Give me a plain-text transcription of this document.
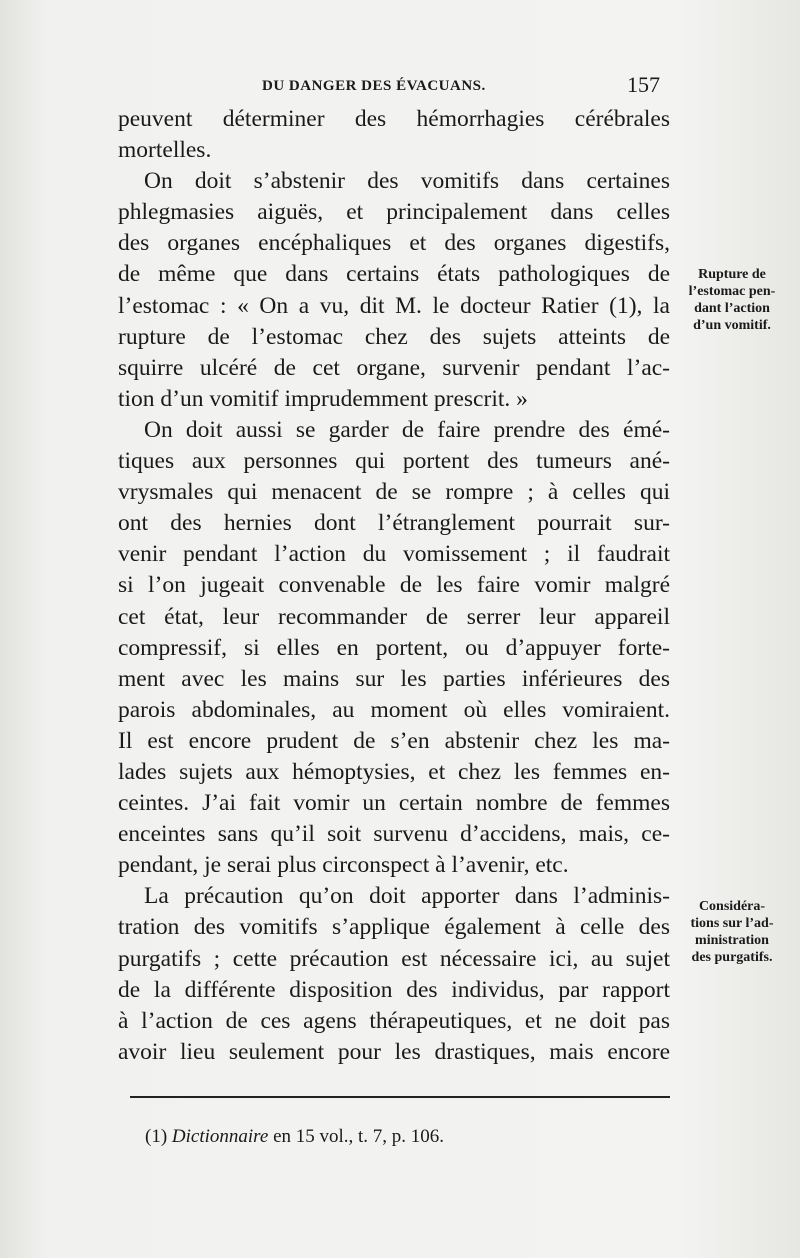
DU DANGER DES ÉVACUANS.	157
peuvent déterminer des hémorrhagies cérébrales
mortelles.
On doit s’abstenir des vomitifs dans certaines
phlegmasies aiguës, et principalement dans celles
des organes encéphaliques et des organes digestifs,
de même que dans certains états pathologiques de
l’estomac : « On a vu, dit M. le docteur Ratier (1), la
rupture de l’estomac chez des sujets atteints de
squirre ulcéré de cet organe, survenir pendant l’ac-
tion d’un vomitif imprudemment prescrit. »
On doit aussi se garder de faire prendre des émé-
tiques aux personnes qui portent des tumeurs ané-
vrysmales qui menacent de se rompre ; à celles qui
ont des hernies dont l’étranglement pourrait sur-
venir pendant l’action du vomissement ; il faudrait
si l’on jugeait convenable de les faire vomir malgré
cet état, leur recommander de serrer leur appareil
compressif, si elles en portent, ou d’appuyer forte-
ment avec les mains sur les parties inférieures des
parois abdominales, au moment où elles vomiraient.
Il est encore prudent de s’en abstenir chez les ma-
lades sujets aux hémoptysies, et chez les femmes en-
ceintes. J’ai fait vomir un certain nombre de femmes
enceintes sans qu’il soit survenu d’accidens, mais, ce-
pendant, je serai plus circonspect à l’avenir, etc.
La précaution qu’on doit apporter dans l’adminis-
tration des vomitifs s’applique également à celle des
purgatifs ; cette précaution est nécessaire ici, au sujet
de la différente disposition des individus, par rapport
à l’action de ces agens thérapeutiques, et ne doit pas
avoir lieu seulement pour les drastiques, mais encore
Rupture de
l’estomac pen-
dant l’action
d’un vomitif.
Considéra-
tions sur l’ad-
ministration
des purgatifs.
(1) Dictionnaire en 15 vol., t. 7, p. 106.
